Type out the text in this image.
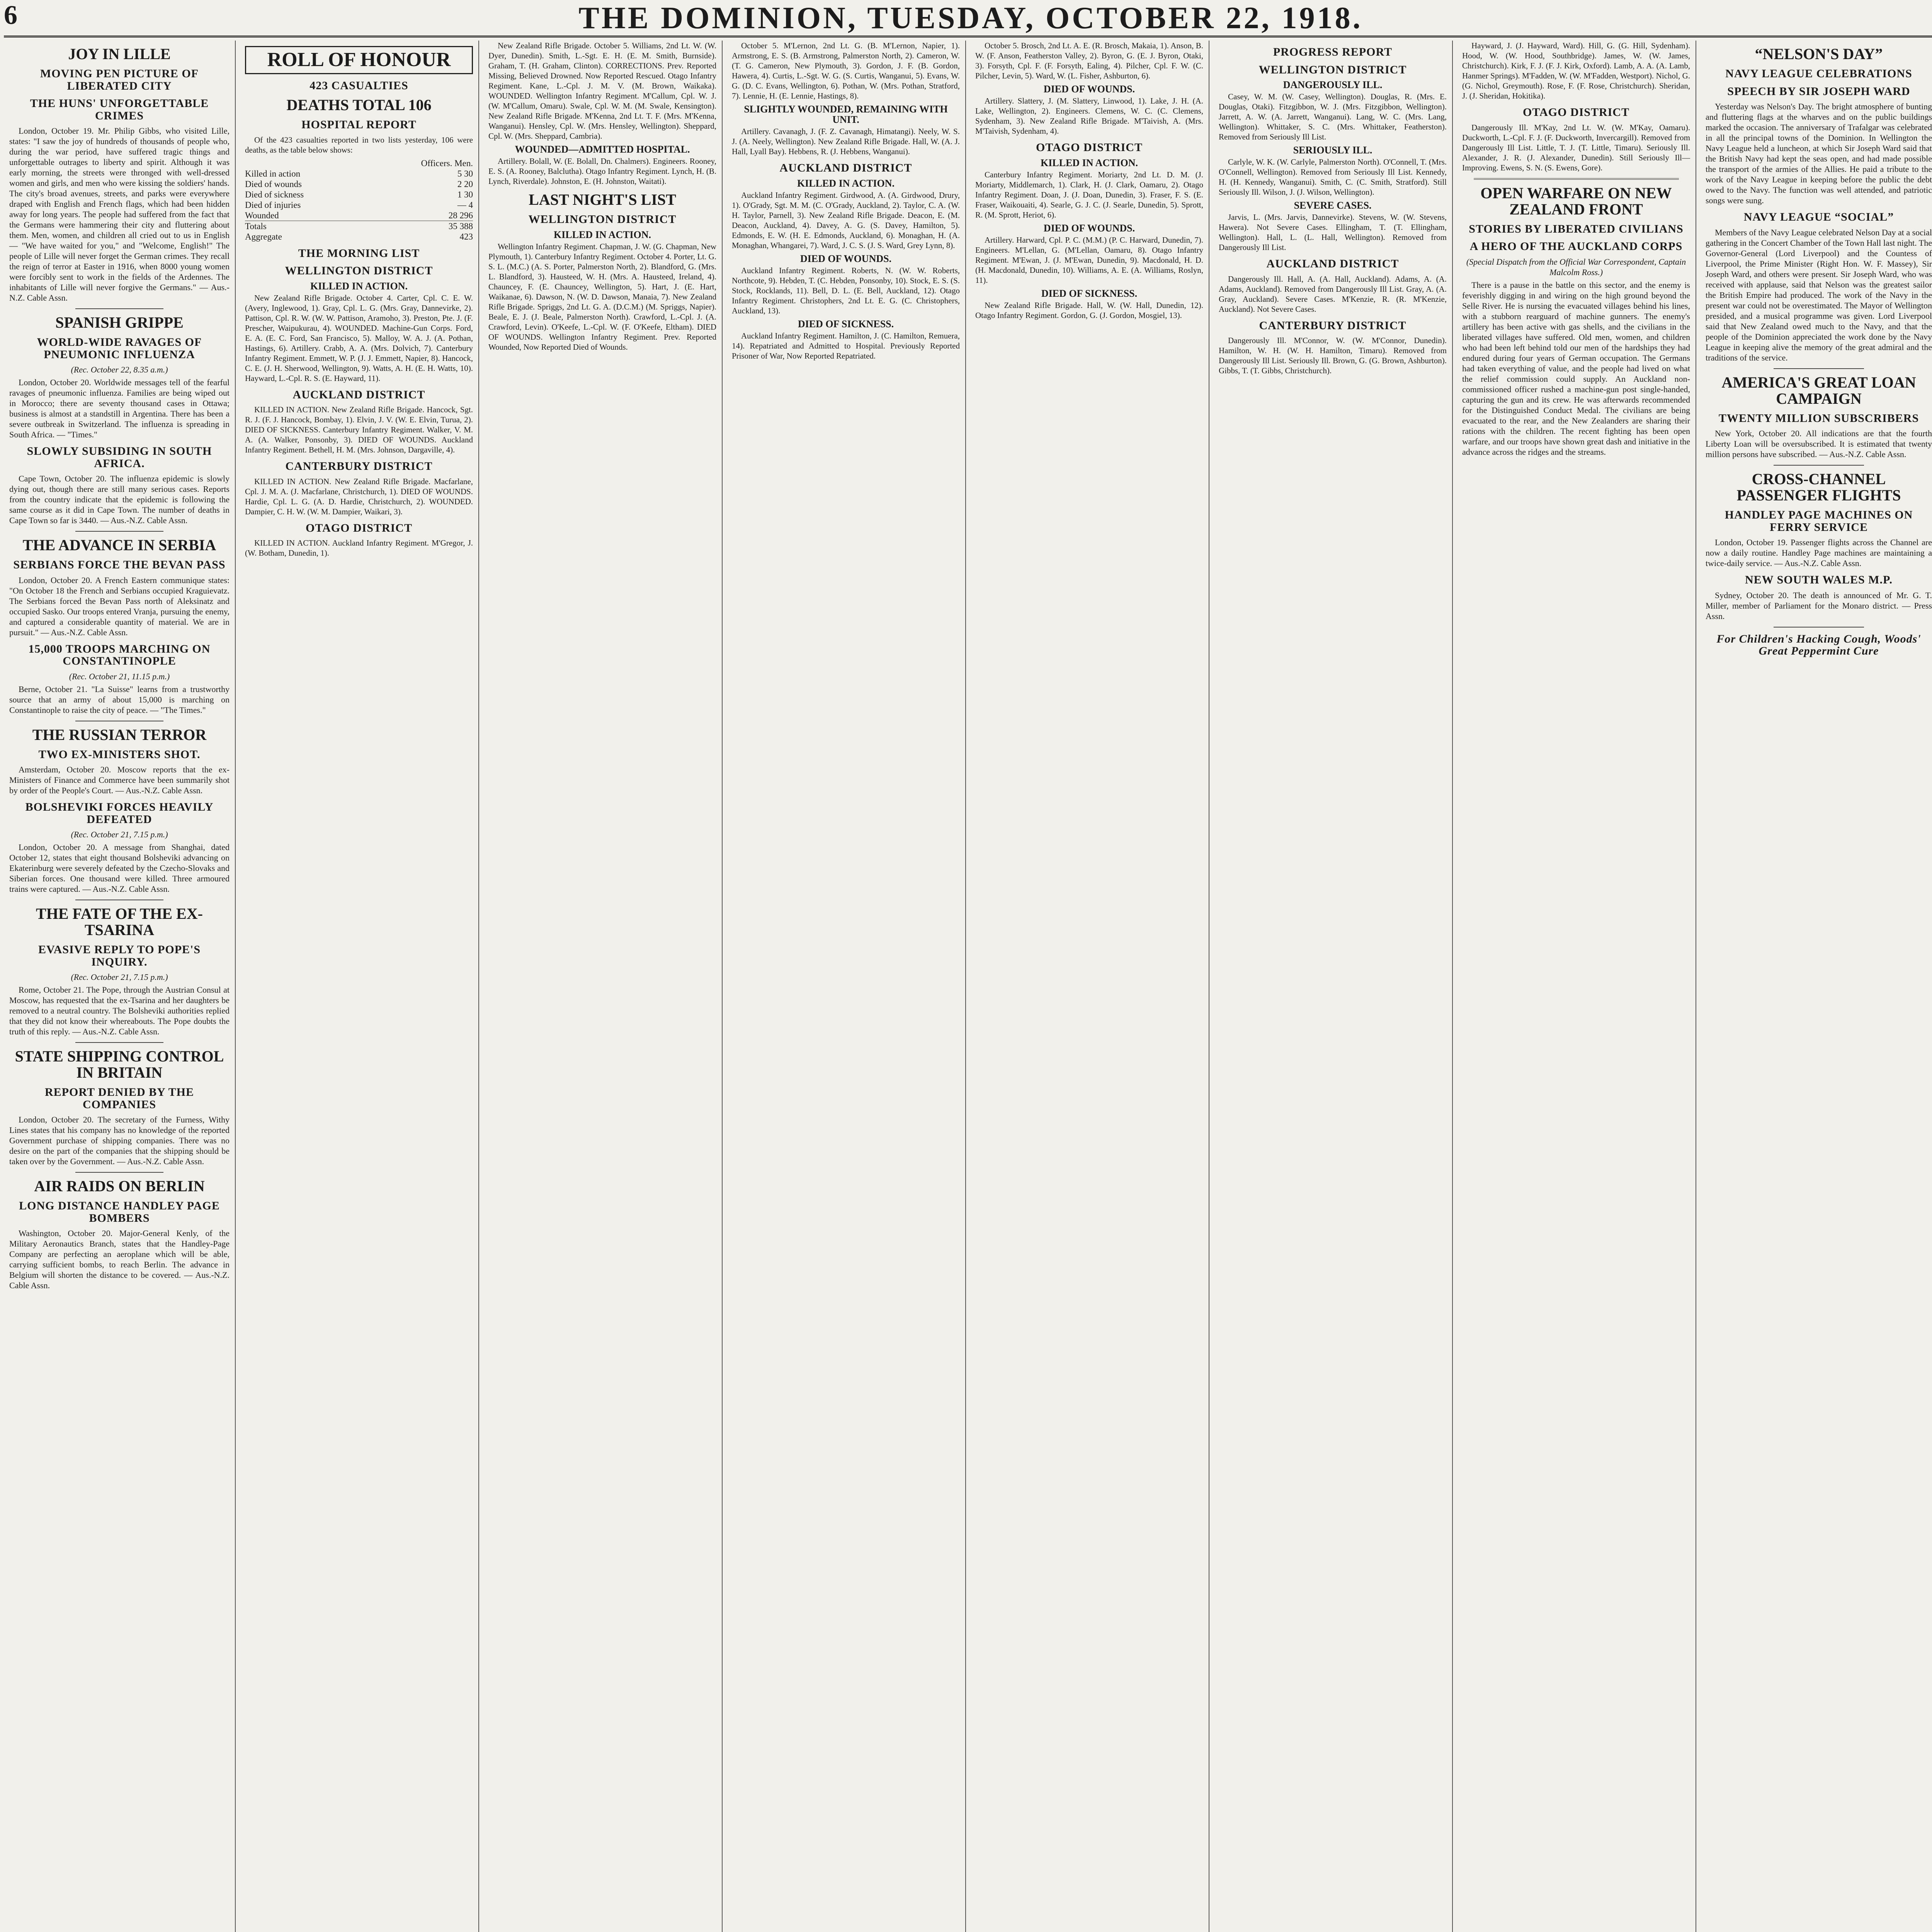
6	THE DOMINION, TUESDAY, OCTOBER 22, 1918.
JOY IN LILLE
MOVING PEN PICTURE OF LIBERATED CITY
THE HUNS' UNFORGETTABLE CRIMES
London, October 19. Mr. Philip Gibbs, who visited Lille, states: "I saw the joy of hundreds of thousands of people who, during the war period, have suffered tragic things and unforgettable outrages to liberty and spirit. Although it was early morning, the streets were thronged with well-dressed women and girls, and men who were kissing the soldiers' hands. The city's broad avenues, streets, and parks were everywhere draped with English and French flags, which had been hidden away for long years. The people had suffered from the fact that the Germans were hammering their city and fluttering about them. Men, women, and children all cried out to us in English — "We have waited for you," and "Welcome, English!" The people of Lille will never forget the German crimes. They recall the reign of terror at Easter in 1916, when 8000 young women were forcibly sent to work in the fields of the Ardennes. The inhabitants of Lille will never forgive the Germans." — Aus.-N.Z. Cable Assn.
SPANISH GRIPPE
WORLD-WIDE RAVAGES OF PNEUMONIC INFLUENZA
(Rec. October 22, 8.35 a.m.)
London, October 20. Worldwide messages tell of the fearful ravages of pneumonic influenza. Families are being wiped out in Morocco; there are seventy thousand cases in Ottawa; business is almost at a standstill in Argentina. There has been a severe outbreak in Switzerland. The influenza is spreading in South Africa. — "Times."
SLOWLY SUBSIDING IN SOUTH AFRICA.
Cape Town, October 20. The influenza epidemic is slowly dying out, though there are still many serious cases. Reports from the country indicate that the epidemic is following the same course as it did in Cape Town. The number of deaths in Cape Town so far is 3440. — Aus.-N.Z. Cable Assn.
THE ADVANCE IN SERBIA
SERBIANS FORCE THE BEVAN PASS
London, October 20. A French Eastern communique states: "On October 18 the French and Serbians occupied Kraguievatz. The Serbians forced the Bevan Pass north of Aleksinatz and occupied Sasko. Our troops entered Vranja, pursuing the enemy, and captured a considerable quantity of material. We are in pursuit." — Aus.-N.Z. Cable Assn.
15,000 TROOPS MARCHING ON CONSTANTINOPLE
(Rec. October 21, 11.15 p.m.)
Berne, October 21. "La Suisse" learns from a trustworthy source that an army of about 15,000 is marching on Constantinople to raise the city of peace. — "The Times."
THE RUSSIAN TERROR
TWO EX-MINISTERS SHOT.
Amsterdam, October 20. Moscow reports that the ex-Ministers of Finance and Commerce have been summarily shot by order of the People's Court. — Aus.-N.Z. Cable Assn.
BOLSHEVIKI FORCES HEAVILY DEFEATED
(Rec. October 21, 7.15 p.m.)
London, October 20. A message from Shanghai, dated October 12, states that eight thousand Bolsheviki advancing on Ekaterinburg were severely defeated by the Czecho-Slovaks and Siberian forces. One thousand were killed. Three armoured trains were captured. — Aus.-N.Z. Cable Assn.
THE FATE OF THE EX-TSARINA
EVASIVE REPLY TO POPE'S INQUIRY.
(Rec. October 21, 7.15 p.m.)
Rome, October 21. The Pope, through the Austrian Consul at Moscow, has requested that the ex-Tsarina and her daughters be removed to a neutral country. The Bolsheviki authorities replied that they did not know their whereabouts. The Pope doubts the truth of this reply. — Aus.-N.Z. Cable Assn.
STATE SHIPPING CONTROL IN BRITAIN
REPORT DENIED BY THE COMPANIES
London, October 20. The secretary of the Furness, Withy Lines states that his company has no knowledge of the reported Government purchase of shipping companies. There was no desire on the part of the companies that the shipping should be taken over by the Government. — Aus.-N.Z. Cable Assn.
AIR RAIDS ON BERLIN
LONG DISTANCE HANDLEY PAGE BOMBERS
Washington, October 20. Major-General Kenly, of the Military Aeronautics Branch, states that the Handley-Page Company are perfecting an aeroplane which will be able, carrying sufficient bombs, to reach Berlin. The advance in Belgium will shorten the distance to be covered. — Aus.-N.Z. Cable Assn.
ROLL OF HONOUR
423 CASUALTIES
DEATHS TOTAL 106
HOSPITAL REPORT
Of the 423 casualties reported in two lists yesterday, 106 were deaths, as the table below shows:
Officers. Men.
Killed in action	5 30
Died of wounds	2 20
Died of sickness	1 30
Died of injuries	— 4
Wounded	28 296
Totals	35 388
Aggregate	423
THE MORNING LIST
WELLINGTON DISTRICT
KILLED IN ACTION.
New Zealand Rifle Brigade. October 4. Carter, Cpl. C. E. W. (Avery, Inglewood, 1). Gray, Cpl. L. G. (Mrs. Gray, Dannevirke, 2). Pattison, Cpl. R. W. (W. W. Pattison, Aramoho, 3). Preston, Pte. J. (F. Prescher, Waipukurau, 4). WOUNDED. Machine-Gun Corps. Ford, E. A. (E. C. Ford, San Francisco, 5). Malloy, W. A. J. (A. Pothan, Hastings, 6). Artillery. Crabb, A. A. (Mrs. Dolvich, 7). Canterbury Infantry Regiment. Emmett, W. P. (J. J. Emmett, Napier, 8). Hancock, C. E. (J. H. Sherwood, Wellington, 9). Watts, A. H. (E. H. Watts, 10). Hayward, L.-Cpl. R. S. (E. Hayward, 11).
AUCKLAND DISTRICT
KILLED IN ACTION. New Zealand Rifle Brigade. Hancock, Sgt. R. J. (F. J. Hancock, Bombay, 1). Elvin, J. V. (W. E. Elvin, Turua, 2). DIED OF SICKNESS. Canterbury Infantry Regiment. Walker, V. M. A. (A. Walker, Ponsonby, 3). DIED OF WOUNDS. Auckland Infantry Regiment. Bethell, H. M. (Mrs. Johnson, Dargaville, 4).
CANTERBURY DISTRICT
KILLED IN ACTION. New Zealand Rifle Brigade. Macfarlane, Cpl. J. M. A. (J. Macfarlane, Christchurch, 1). DIED OF WOUNDS. Hardie, Cpl. L. G. (A. D. Hardie, Christchurch, 2). WOUNDED. Dampier, C. H. W. (W. M. Dampier, Waikari, 3).
OTAGO DISTRICT
KILLED IN ACTION. Auckland Infantry Regiment. M'Gregor, J. (W. Botham, Dunedin, 1).
New Zealand Rifle Brigade. October 5. Williams, 2nd Lt. W. (W. Dyer, Dunedin). Smith, L.-Sgt. E. H. (E. M. Smith, Burnside). Graham, T. (H. Graham, Clinton). CORRECTIONS. Prev. Reported Missing, Believed Drowned. Now Reported Rescued. Otago Infantry Regiment. Kane, L.-Cpl. J. M. V. (M. Brown, Waikaka). WOUNDED. Wellington Infantry Regiment. M'Callum, Cpl. W. J. (W. M'Callum, Omaru). Swale, Cpl. W. M. (M. Swale, Kensington). New Zealand Rifle Brigade. M'Kenna, 2nd Lt. T. F. (Mrs. M'Kenna, Wanganui). Hensley, Cpl. W. (Mrs. Hensley, Wellington). Sheppard, Cpl. W. (Mrs. Sheppard, Cambria).
WOUNDED—ADMITTED HOSPITAL.
Artillery. Bolall, W. (E. Bolall, Dn. Chalmers). Engineers. Rooney, E. S. (A. Rooney, Balclutha). Otago Infantry Regiment. Lynch, H. (B. Lynch, Riverdale). Johnston, E. (H. Johnston, Waitati).
LAST NIGHT'S LIST
WELLINGTON DISTRICT
KILLED IN ACTION.
Wellington Infantry Regiment. Chapman, J. W. (G. Chapman, New Plymouth, 1). Canterbury Infantry Regiment. October 4. Porter, Lt. G. S. L. (M.C.) (A. S. Porter, Palmerston North, 2). Blandford, G. (Mrs. L. Blandford, 3). Hausteed, W. H. (Mrs. A. Hausteed, Ireland, 4). Chauncey, F. (E. Chauncey, Wellington, 5). Hart, J. (E. Hart, Waikanae, 6). Dawson, N. (W. D. Dawson, Manaia, 7). New Zealand Rifle Brigade. Spriggs, 2nd Lt. G. A. (D.C.M.) (M. Spriggs, Napier). Beale, E. J. (J. Beale, Palmerston North). Crawford, L.-Cpl. J. (A. Crawford, Levin). O'Keefe, L.-Cpl. W. (F. O'Keefe, Eltham). DIED OF WOUNDS. Wellington Infantry Regiment. Prev. Reported Wounded, Now Reported Died of Wounds.
October 5. M'Lernon, 2nd Lt. G. (B. M'Lernon, Napier, 1). Armstrong, E. S. (B. Armstrong, Palmerston North, 2). Cameron, W. (T. G. Cameron, New Plymouth, 3). Gordon, J. F. (B. Gordon, Hawera, 4). Curtis, L.-Sgt. W. G. (S. Curtis, Wanganui, 5). Evans, W. G. (D. C. Evans, Wellington, 6). Pothan, W. (Mrs. Pothan, Stratford, 7). Lennie, H. (E. Lennie, Hastings, 8).
SLIGHTLY WOUNDED, REMAINING WITH UNIT.
Artillery. Cavanagh, J. (F. Z. Cavanagh, Himatangi). Neely, W. S. J. (A. Neely, Wellington). New Zealand Rifle Brigade. Hall, W. (A. J. Hall, Lyall Bay). Hebbens, R. (J. Hebbens, Wanganui).
AUCKLAND DISTRICT
KILLED IN ACTION.
Auckland Infantry Regiment. Girdwood, A. (A. Girdwood, Drury, 1). O'Grady, Sgt. M. M. (C. O'Grady, Auckland, 2). Taylor, C. A. (W. H. Taylor, Parnell, 3). New Zealand Rifle Brigade. Deacon, E. (M. Deacon, Auckland, 4). Davey, A. G. (S. Davey, Hamilton, 5). Edmonds, E. W. (H. E. Edmonds, Auckland, 6). Monaghan, H. (A. Monaghan, Whangarei, 7). Ward, J. C. S. (J. S. Ward, Grey Lynn, 8).
DIED OF WOUNDS.
Auckland Infantry Regiment. Roberts, N. (W. W. Roberts, Northcote, 9). Hebden, T. (C. Hebden, Ponsonby, 10). Stock, E. S. (S. Stock, Rocklands, 11). Bell, D. L. (E. Bell, Auckland, 12). Otago Infantry Regiment. Christophers, 2nd Lt. E. G. (C. Christophers, Auckland, 13).
DIED OF SICKNESS.
Auckland Infantry Regiment. Hamilton, J. (C. Hamilton, Remuera, 14). Repatriated and Admitted to Hospital. Previously Reported Prisoner of War, Now Reported Repatriated.
October 5. Brosch, 2nd Lt. A. E. (R. Brosch, Makaia, 1). Anson, B. W. (F. Anson, Featherston Valley, 2). Byron, G. (E. J. Byron, Otaki, 3). Forsyth, Cpl. F. (F. Forsyth, Ealing, 4). Pilcher, Cpl. F. W. (C. Pilcher, Levin, 5). Ward, W. (L. Fisher, Ashburton, 6).
DIED OF WOUNDS.
Artillery. Slattery, J. (M. Slattery, Linwood, 1). Lake, J. H. (A. Lake, Wellington, 2). Engineers. Clemens, W. C. (C. Clemens, Sydenham, 3). New Zealand Rifle Brigade. M'Taivish, A. (Mrs. M'Taivish, Sydenham, 4).
OTAGO DISTRICT
KILLED IN ACTION.
Canterbury Infantry Regiment. Moriarty, 2nd Lt. D. M. (J. Moriarty, Middlemarch, 1). Clark, H. (J. Clark, Oamaru, 2). Otago Infantry Regiment. Doan, J. (J. Doan, Dunedin, 3). Fraser, F. S. (E. Fraser, Waikouaiti, 4). Searle, G. J. C. (J. Searle, Dunedin, 5). Sprott, R. (M. Sprott, Heriot, 6).
DIED OF WOUNDS.
Artillery. Harward, Cpl. P. C. (M.M.) (P. C. Harward, Dunedin, 7). Engineers. M'Lellan, G. (M'Lellan, Oamaru, 8). Otago Infantry Regiment. M'Ewan, J. (J. M'Ewan, Dunedin, 9). Macdonald, H. D. (H. Macdonald, Dunedin, 10). Williams, A. E. (A. Williams, Roslyn, 11).
DIED OF SICKNESS.
New Zealand Rifle Brigade. Hall, W. (W. Hall, Dunedin, 12). Otago Infantry Regiment. Gordon, G. (J. Gordon, Mosgiel, 13).
PROGRESS REPORT
WELLINGTON DISTRICT
DANGEROUSLY ILL.
Casey, W. M. (W. Casey, Wellington). Douglas, R. (Mrs. E. Douglas, Otaki). Fitzgibbon, W. J. (Mrs. Fitzgibbon, Wellington). Jarrett, A. W. (A. Jarrett, Wanganui). Lang, W. C. (Mrs. Lang, Wellington). Whittaker, S. C. (Mrs. Whittaker, Featherston). Removed from Seriously Ill List.
SERIOUSLY ILL.
Carlyle, W. K. (W. Carlyle, Palmerston North). O'Connell, T. (Mrs. O'Connell, Wellington). Removed from Seriously Ill List. Kennedy, H. (H. Kennedy, Wanganui). Smith, C. (C. Smith, Stratford). Still Seriously Ill. Wilson, J. (J. Wilson, Wellington).
SEVERE CASES.
Jarvis, L. (Mrs. Jarvis, Dannevirke). Stevens, W. (W. Stevens, Hawera). Not Severe Cases. Ellingham, T. (T. Ellingham, Wellington). Hall, L. (L. Hall, Wellington). Removed from Dangerously Ill List.
AUCKLAND DISTRICT
Dangerously Ill. Hall, A. (A. Hall, Auckland). Adams, A. (A. Adams, Auckland). Removed from Dangerously Ill List. Gray, A. (A. Gray, Auckland). Severe Cases. M'Kenzie, R. (R. M'Kenzie, Auckland). Not Severe Cases.
CANTERBURY DISTRICT
Dangerously Ill. M'Connor, W. (W. M'Connor, Dunedin). Hamilton, W. H. (W. H. Hamilton, Timaru). Removed from Dangerously Ill List. Seriously Ill. Brown, G. (G. Brown, Ashburton). Gibbs, T. (T. Gibbs, Christchurch).
Hayward, J. (J. Hayward, Ward). Hill, G. (G. Hill, Sydenham). Hood, W. (W. Hood, Southbridge). James, W. (W. James, Christchurch). Kirk, F. J. (F. J. Kirk, Oxford). Lamb, A. A. (A. Lamb, Hanmer Springs). M'Fadden, W. (W. M'Fadden, Westport). Nichol, G. (G. Nichol, Greymouth). Rose, F. (F. Rose, Christchurch). Sheridan, J. (J. Sheridan, Hokitika).
OTAGO DISTRICT
Dangerously Ill. M'Kay, 2nd Lt. W. (W. M'Kay, Oamaru). Duckworth, L.-Cpl. F. J. (F. Duckworth, Invercargill). Removed from Dangerously Ill List. Little, T. J. (T. Little, Timaru). Seriously Ill. Alexander, J. R. (J. Alexander, Dunedin). Still Seriously Ill—Improving. Ewens, S. N. (S. Ewens, Gore).
OPEN WARFARE ON NEW ZEALAND FRONT
STORIES BY LIBERATED CIVILIANS
A HERO OF THE AUCKLAND CORPS
(Special Dispatch from the Official War Correspondent, Captain Malcolm Ross.)
There is a pause in the battle on this sector, and the enemy is feverishly digging in and wiring on the high ground beyond the Selle River. He is nursing the evacuated villages behind his lines, with a stubborn rearguard of machine gunners. The enemy's artillery has been active with gas shells, and the civilians in the liberated villages have suffered. Old men, women, and children who had been left behind told our men of the hardships they had endured during four years of German occupation. The Germans had taken everything of value, and the people had lived on what the relief commission could supply. An Auckland non-commissioned officer rushed a machine-gun post single-handed, capturing the gun and its crew. He was afterwards recommended for the Distinguished Conduct Medal. The civilians are being evacuated to the rear, and the New Zealanders are sharing their rations with the children. The recent fighting has been open warfare, and our troops have shown great dash and initiative in the advance across the ridges and the streams.
“NELSON'S DAY”
NAVY LEAGUE CELEBRATIONS
SPEECH BY SIR JOSEPH WARD
Yesterday was Nelson's Day. The bright atmosphere of bunting and fluttering flags at the wharves and on the public buildings marked the occasion. The anniversary of Trafalgar was celebrated in all the principal towns of the Dominion. In Wellington the Navy League held a luncheon, at which Sir Joseph Ward said that the British Navy had kept the seas open, and had made possible the transport of the armies of the Allies. He paid a tribute to the work of the Navy League in keeping before the public the debt owed to the Navy. The function was well attended, and patriotic songs were sung.
NAVY LEAGUE “SOCIAL”
Members of the Navy League celebrated Nelson Day at a social gathering in the Concert Chamber of the Town Hall last night. The Governor-General (Lord Liverpool) and the Countess of Liverpool, the Prime Minister (Right Hon. W. F. Massey), Sir Joseph Ward, and others were present. Sir Joseph Ward, who was received with applause, said that Nelson was the greatest sailor the British Empire had produced. The work of the Navy in the present war could not be overestimated. The Mayor of Wellington presided, and a musical programme was given. Lord Liverpool said that New Zealand owed much to the Navy, and that the people of the Dominion appreciated the work done by the Navy League in keeping alive the memory of the great admiral and the traditions of the service.
AMERICA'S GREAT LOAN CAMPAIGN
TWENTY MILLION SUBSCRIBERS
New York, October 20. All indications are that the fourth Liberty Loan will be oversubscribed. It is estimated that twenty million persons have subscribed. — Aus.-N.Z. Cable Assn.
CROSS-CHANNEL PASSENGER FLIGHTS
HANDLEY PAGE MACHINES ON FERRY SERVICE
London, October 19. Passenger flights across the Channel are now a daily routine. Handley Page machines are maintaining a twice-daily service. — Aus.-N.Z. Cable Assn.
NEW SOUTH WALES M.P.
Sydney, October 20. The death is announced of Mr. G. T. Miller, member of Parliament for the Monaro district. — Press Assn.
For Children's Hacking Cough, Woods' Great Peppermint Cure
